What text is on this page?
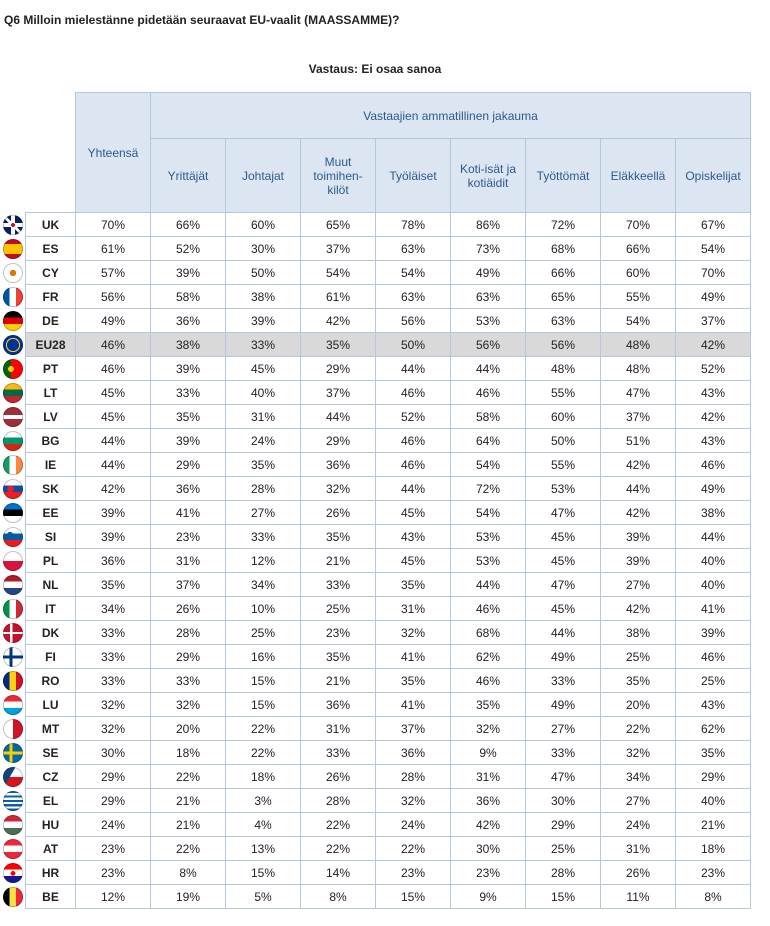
Q6 Milloin mielestänne pidetään seuraavat EU-vaalit (MAASSAMME)?
Vastaus: Ei osaa sanoa
		Yhteensä	Vastaajien ammatillinen jakauma							
			Yrittäjät	Johtajat	Muut
toimihen-
kilöt	Työläiset	Koti-isät ja
kotiäidit	Työttömät	Eläkkeellä	Opiskelijat
	UK	70%	66%	60%	65%	78%	86%	72%	70%	67%
	ES	61%	52%	30%	37%	63%	73%	68%	66%	54%
	CY	57%	39%	50%	54%	54%	49%	66%	60%	70%
	FR	56%	58%	38%	61%	63%	63%	65%	55%	49%
	DE	49%	36%	39%	42%	56%	53%	63%	54%	37%
	EU28	46%	38%	33%	35%	50%	56%	56%	48%	42%
	PT	46%	39%	45%	29%	44%	44%	48%	48%	52%
	LT	45%	33%	40%	37%	46%	46%	55%	47%	43%
	LV	45%	35%	31%	44%	52%	58%	60%	37%	42%
	BG	44%	39%	24%	29%	46%	64%	50%	51%	43%
	IE	44%	29%	35%	36%	46%	54%	55%	42%	46%
	SK	42%	36%	28%	32%	44%	72%	53%	44%	49%
	EE	39%	41%	27%	26%	45%	54%	47%	42%	38%
	SI	39%	23%	33%	35%	43%	53%	45%	39%	44%
	PL	36%	31%	12%	21%	45%	53%	45%	39%	40%
	NL	35%	37%	34%	33%	35%	44%	47%	27%	40%
	IT	34%	26%	10%	25%	31%	46%	45%	42%	41%
	DK	33%	28%	25%	23%	32%	68%	44%	38%	39%
	FI	33%	29%	16%	35%	41%	62%	49%	25%	46%
	RO	33%	33%	15%	21%	35%	46%	33%	35%	25%
	LU	32%	32%	15%	36%	41%	35%	49%	20%	43%
	MT	32%	20%	22%	31%	37%	32%	27%	22%	62%
	SE	30%	18%	22%	33%	36%	9%	33%	32%	35%
	CZ	29%	22%	18%	26%	28%	31%	47%	34%	29%
	EL	29%	21%	3%	28%	32%	36%	30%	27%	40%
	HU	24%	21%	4%	22%	24%	42%	29%	24%	21%
	AT	23%	22%	13%	22%	22%	30%	25%	31%	18%
	HR	23%	8%	15%	14%	23%	23%	28%	26%	23%
	BE	12%	19%	5%	8%	15%	9%	15%	11%	8%
